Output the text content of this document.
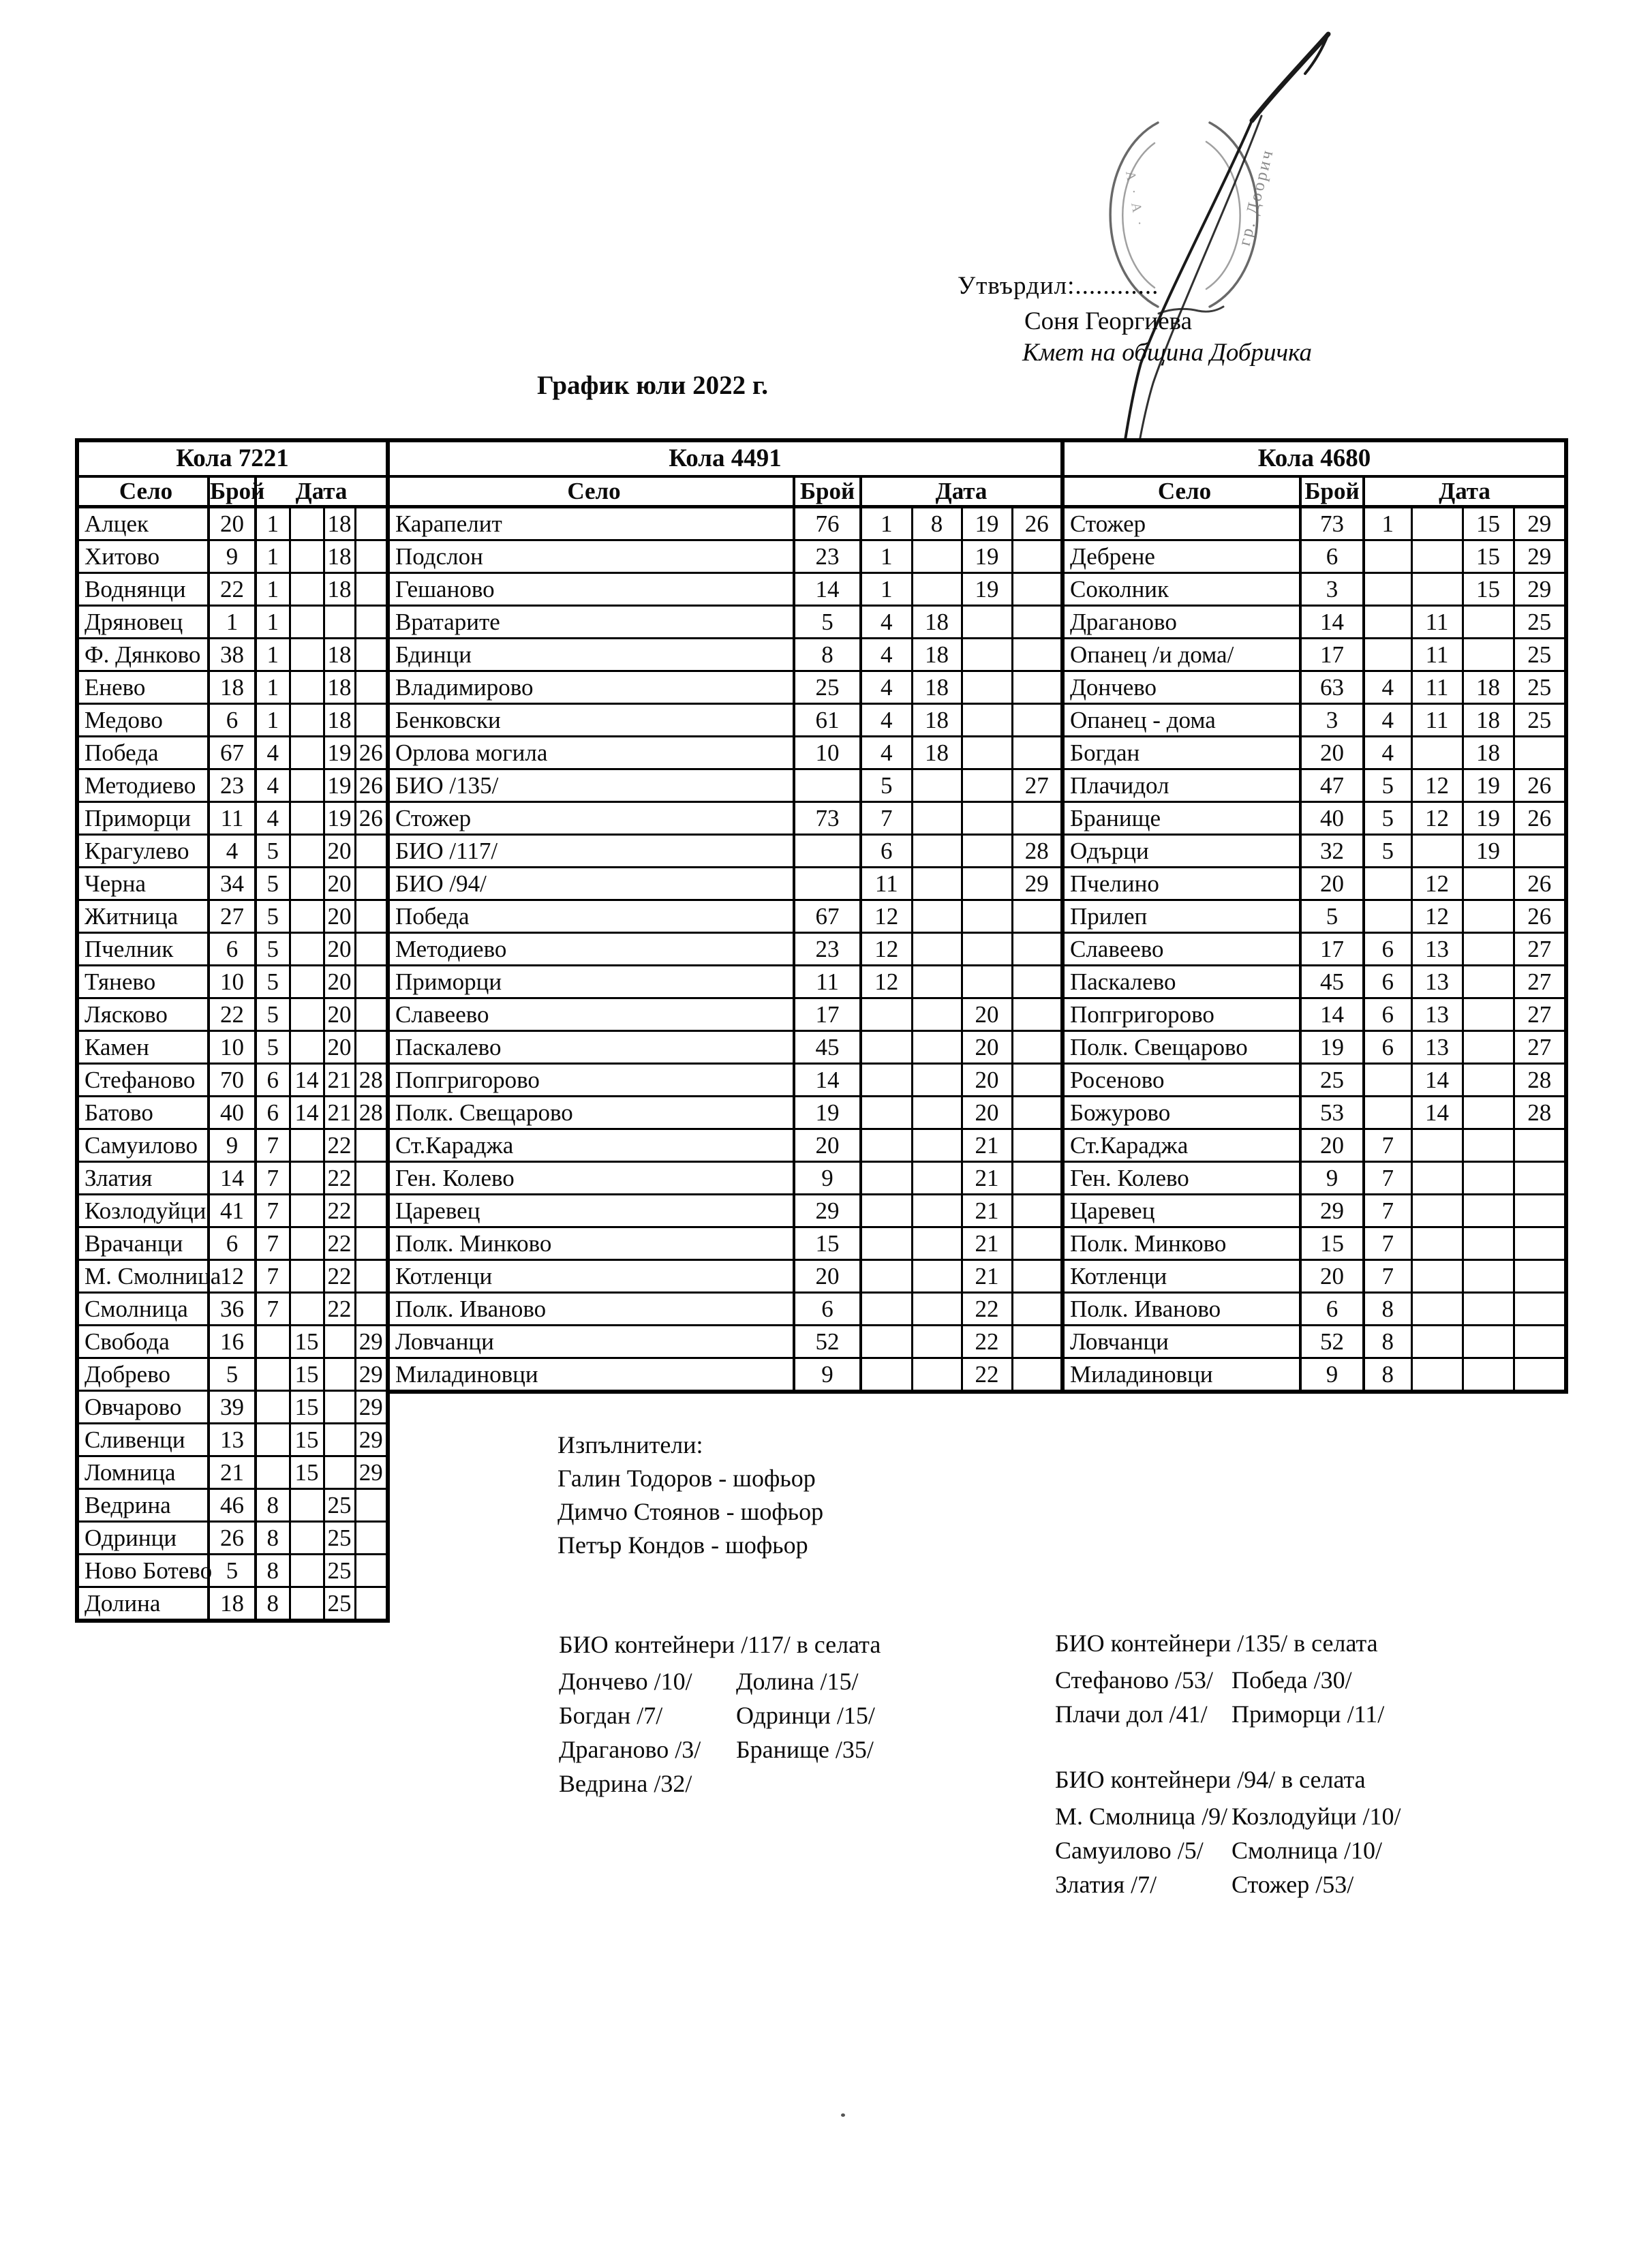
гр. Добрич
А · А ·
Утвърдил:............
Соня Георгиева
Кмет на община Добричка
График юли 2022 г.
Кола 7221					
Село	Брой	Дата			
Алцек	20	1		18	
Хитово	9	1		18	
Воднянци	22	1		18	
Дряновец	1	1			
Ф. Дянково	38	1		18	
Енево	18	1		18	
Медово	6	1		18	
Победа	67	4		19	26
Методиево	23	4		19	26
Приморци	11	4		19	26
Крагулево	4	5		20	
Черна	34	5		20	
Житница	27	5		20	
Пчелник	6	5		20	
Тянево	10	5		20	
Лясково	22	5		20	
Камен	10	5		20	
Стефаново	70	6	14	21	28
Батово	40	6	14	21	28
Самуилово	9	7		22	
Златия	14	7		22	
Козлодуйци	41	7		22	
Врачанци	6	7		22	
М. Смолница	12	7		22	
Смолница	36	7		22	
Свобода	16		15		29
Добрево	5		15		29
Овчарово	39		15		29
Сливенци	13		15		29
Ломница	21		15		29
Ведрина	46	8		25	
Одринци	26	8		25	
Ново Ботево	5	8		25	
Долина	18	8		25	
Кола 4491					
Село	Брой	Дата			
Карапелит	76	1	8	19	26
Подслон	23	1		19	
Гешаново	14	1		19	
Вратарите	5	4	18		
Бдинци	8	4	18		
Владимирово	25	4	18		
Бенковски	61	4	18		
Орлова могила	10	4	18		
БИО /135/		5			27
Стожер	73	7			
БИО /117/		6			28
БИО /94/		11			29
Победа	67	12			
Методиево	23	12			
Приморци	11	12			
Славеево	17			20	
Паскалево	45			20	
Попгригорово	14			20	
Полк. Свещарово	19			20	
Ст.Караджа	20			21	
Ген. Колево	9			21	
Царевец	29			21	
Полк. Минково	15			21	
Котленци	20			21	
Полк. Иваново	6			22	
Ловчанци	52			22	
Миладиновци	9			22	
Кола 4680					
Село	Брой	Дата			
Стожер	73	1		15	29
Дебрене	6			15	29
Соколник	3			15	29
Драганово	14		11		25
Опанец /и дома/	17		11		25
Дончево	63	4	11	18	25
Опанец - дома	3	4	11	18	25
Богдан	20	4		18	
Плачидол	47	5	12	19	26
Бранище	40	5	12	19	26
Одърци	32	5		19	
Пчелино	20		12		26
Прилеп	5		12		26
Славеево	17	6	13		27
Паскалево	45	6	13		27
Попгригорово	14	6	13		27
Полк. Свещарово	19	6	13		27
Росеново	25		14		28
Божурово	53		14		28
Ст.Караджа	20	7			
Ген. Колево	9	7			
Царевец	29	7			
Полк. Минково	15	7			
Котленци	20	7			
Полк. Иваново	6	8			
Ловчанци	52	8			
Миладиновци	9	8			
Изпълнители:
Галин Тодоров - шофьор
Димчо Стоянов - шофьор
Петър Кондов - шофьор
БИО контейнери /117/ в селата
Дончево /10/	Долина /15/
Богдан /7/	Одринци /15/
Драганово /3/	Бранище /35/
Ведрина /32/
БИО контейнери /135/ в селата
Стефаново /53/ Победа /30/
Плачи дол /41/ Приморци /11/
БИО контейнери /94/ в селата
М. Смолница /9/ Козлодуйци /10/
Самуилово /5/	Смолница /10/
Златия /7/	Стожер /53/
